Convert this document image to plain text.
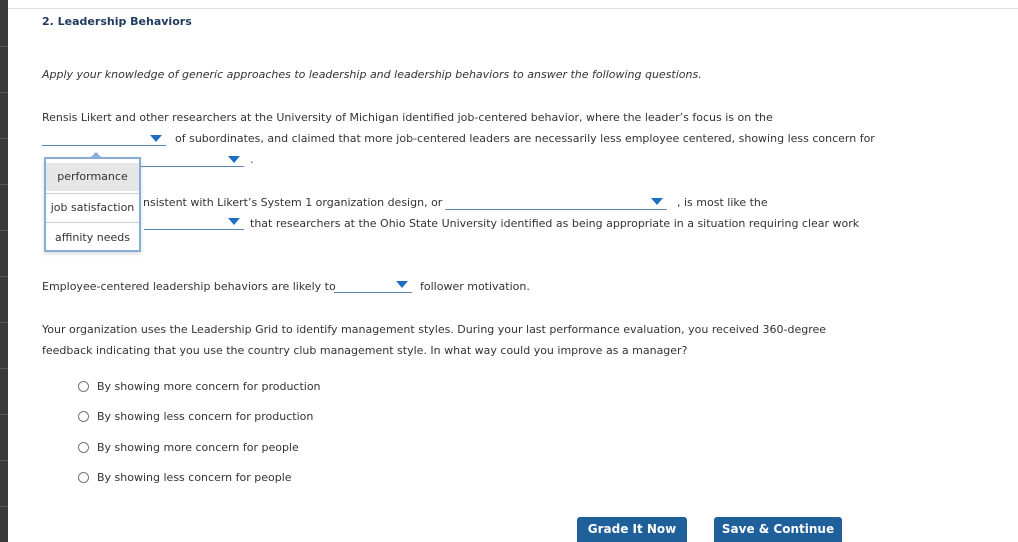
2. Leadership Behaviors
Apply your knowledge of generic approaches to leadership and leadership behaviors to answer the following questions.
Rensis Likert and other researchers at the University of Michigan identified job-centered behavior, where the leader’s focus is on the
of subordinates, and claimed that more job-centered leaders are necessarily less employee centered, showing less concern for
.
nsistent with Likert’s System 1 organization design, or	, is most like the
that researchers at the Ohio State University identified as being appropriate in a situation requiring clear work
Employee-centered leadership behaviors are likely to	follower motivation.
performance
job satisfaction
affinity needs
Your organization uses the Leadership Grid to identify management styles. During your last performance evaluation, you received 360-degree
feedback indicating that you use the country club management style. In what way could you improve as a manager?
By showing more concern for production
By showing less concern for production
By showing more concern for people
By showing less concern for people
Grade It Now	Save & Continue
